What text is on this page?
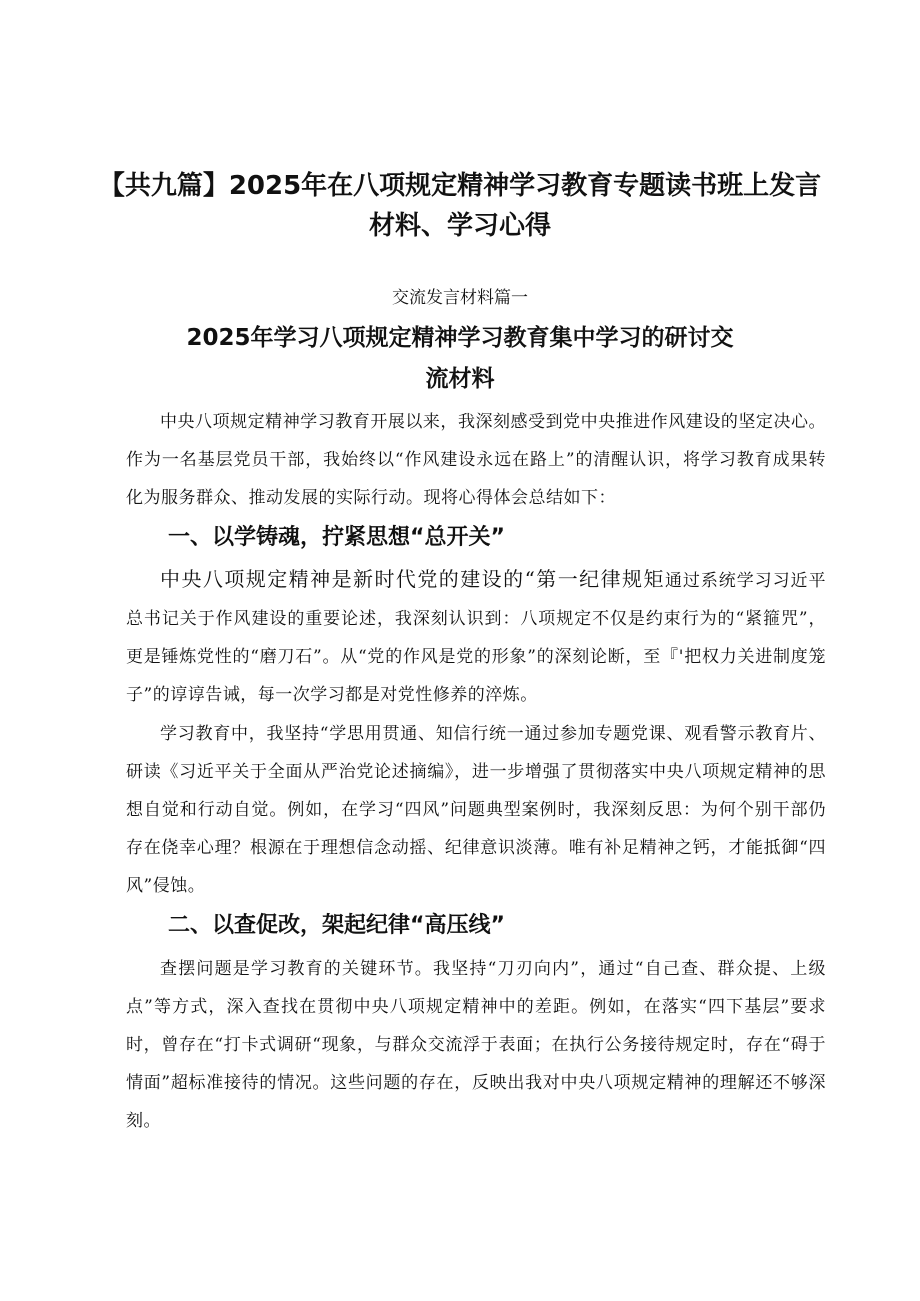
【共九篇】2025年在八项规定精神学习教育专题读书班上发言
材料、学习心得
交流发言材料篇一
2025年学习八项规定精神学习教育集中学习的研讨交
流材料

中央八项规定精神学习教育开展以来，我深刻感受到党中央推进作风建设的坚定决心。作为一名基层党员干部，我始终以“作风建设永远在路上”的清醒认识，将学习教育成果转化为服务群众、推动发展的实际行动。现将心得体会总结如下：

一、以学铸魂，拧紧思想“总开关”

中央八项规定精神是新时代党的建设的“第一纪律规矩通过系统学习习近平总书记关于作风建设的重要论述，我深刻认识到：八项规定不仅是约束行为的“紧箍咒”，更是锤炼党性的“磨刀石”。从“党的作风是党的形象”的深刻论断，至『'把权力关进制度笼子”的谆谆告诫，每一次学习都是对党性修养的淬炼。

学习教育中，我坚持“学思用贯通、知信行统一通过参加专题党课、观看警示教育片、研读《习近平关于全面从严治党论述摘编》，进一步增强了贯彻落实中央八项规定精神的思想自觉和行动自觉。例如，在学习“四风”问题典型案例时，我深刻反思：为何个别干部仍存在侥幸心理？根源在于理想信念动摇、纪律意识淡薄。唯有补足精神之钙，才能抵御“四风”侵蚀。

二、以查促改，架起纪律“高压线”

查摆问题是学习教育的关键环节。我坚持“刀刃向内”，通过“自己查、群众提、上级点”等方式，深入查找在贯彻中央八项规定精神中的差距。例如，在落实“四下基层”要求时，曾存在“打卡式调研“现象，与群众交流浮于表面；在执行公务接待规定时，存在“碍于情面”超标准接待的情况。这些问题的存在，反映出我对中央八项规定精神的理解还不够深刻。
